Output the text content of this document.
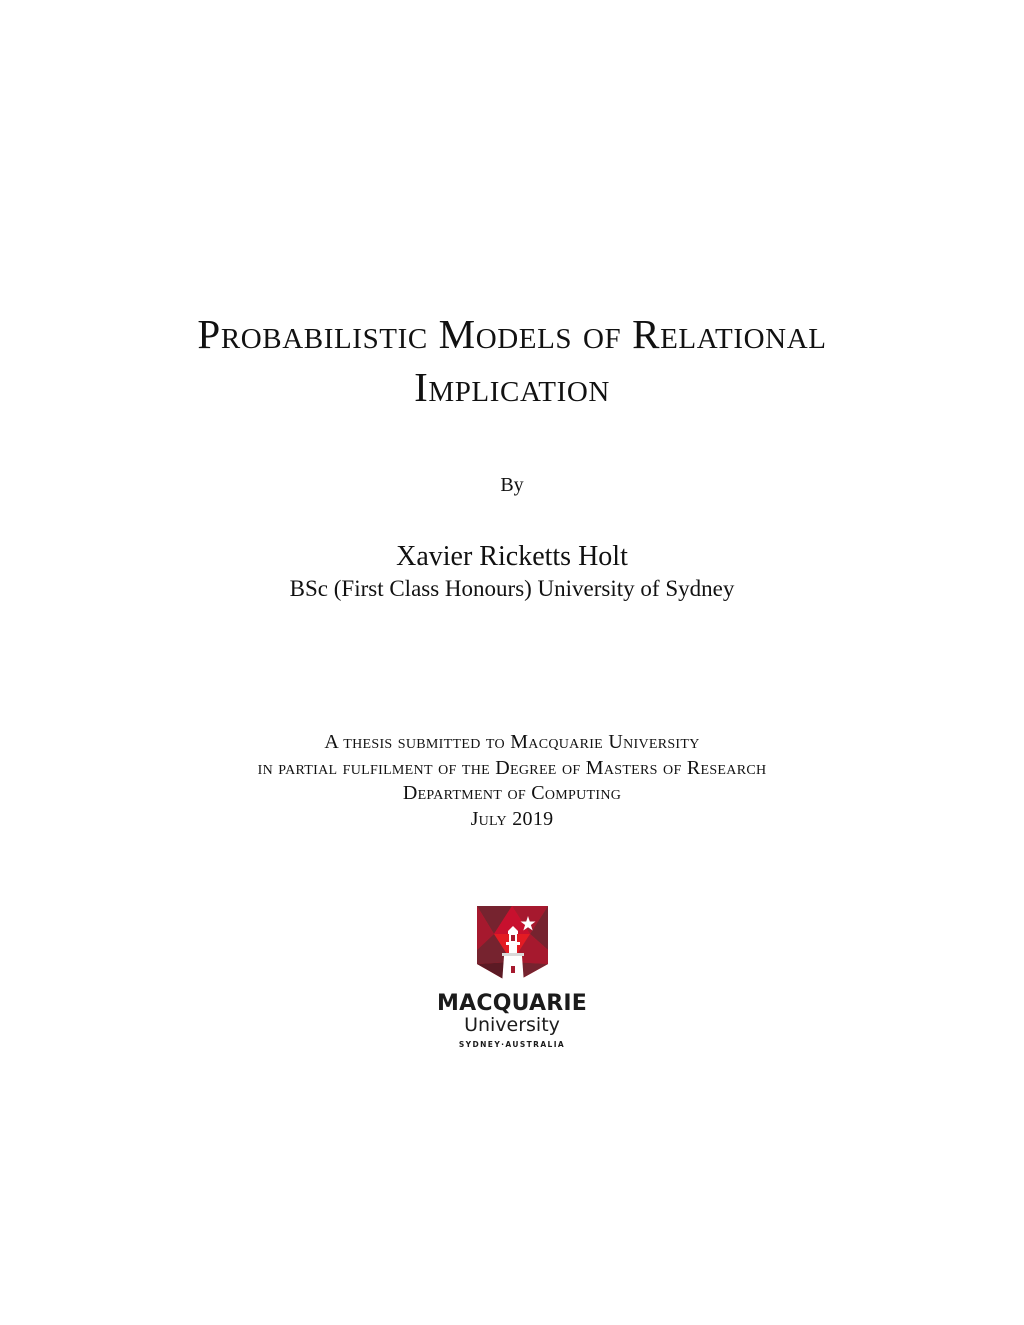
Probabilistic Models of Relational
Implication
By
Xavier Ricketts Holt
BSc (First Class Honours) University of Sydney
A thesis submitted to Macquarie University
in partial fulfilment of the Degree of Masters of Research
Department of Computing
July 2019
MACQUARIE
University
SYDNEY·AUSTRALIA
